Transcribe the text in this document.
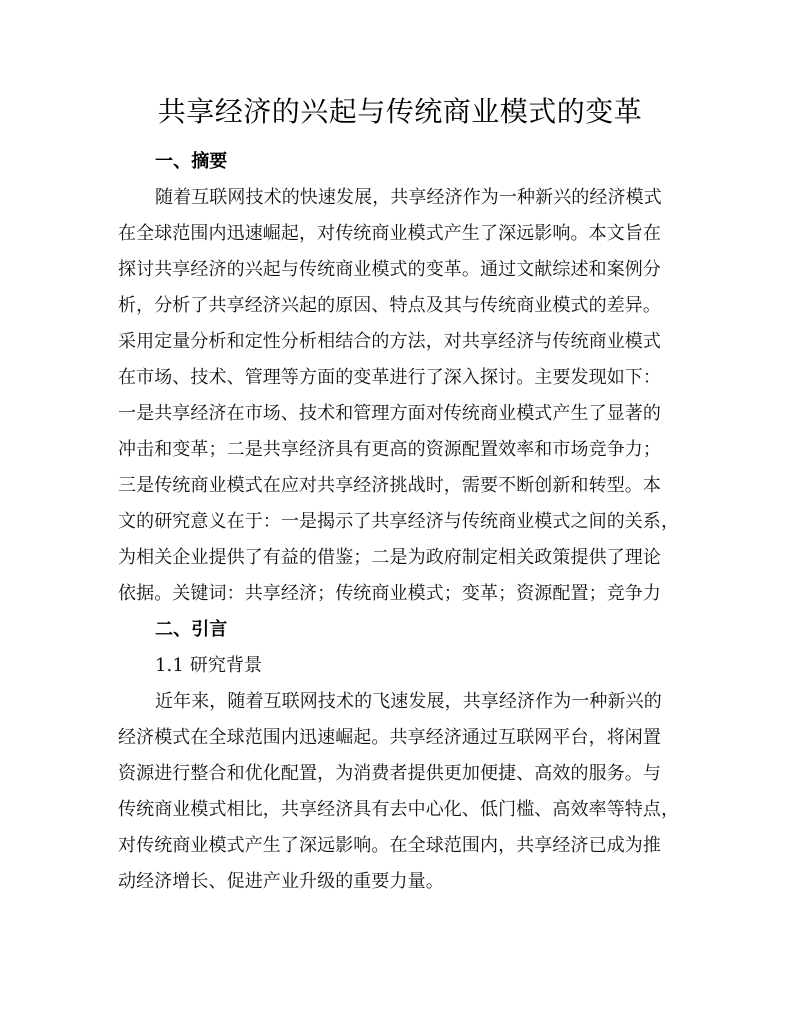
共享经济的兴起与传统商业模式的变革
一、摘要
随着互联网技术的快速发展，共享经济作为一种新兴的经济模式
在全球范围内迅速崛起，对传统商业模式产生了深远影响。本文旨在
探讨共享经济的兴起与传统商业模式的变革。通过文献综述和案例分
析，分析了共享经济兴起的原因、特点及其与传统商业模式的差异。
采用定量分析和定性分析相结合的方法，对共享经济与传统商业模式
在市场、技术、管理等方面的变革进行了深入探讨。主要发现如下：
一是共享经济在市场、技术和管理方面对传统商业模式产生了显著的
冲击和变革；二是共享经济具有更高的资源配置效率和市场竞争力；
三是传统商业模式在应对共享经济挑战时，需要不断创新和转型。本
文的研究意义在于：一是揭示了共享经济与传统商业模式之间的关系，
为相关企业提供了有益的借鉴；二是为政府制定相关政策提供了理论
依据。关键词：共享经济；传统商业模式；变革；资源配置；竞争力
二、引言
1.1 研究背景
近年来，随着互联网技术的飞速发展，共享经济作为一种新兴的
经济模式在全球范围内迅速崛起。共享经济通过互联网平台，将闲置
资源进行整合和优化配置，为消费者提供更加便捷、高效的服务。与
传统商业模式相比，共享经济具有去中心化、低门槛、高效率等特点，
对传统商业模式产生了深远影响。在全球范围内，共享经济已成为推
动经济增长、促进产业升级的重要力量。
